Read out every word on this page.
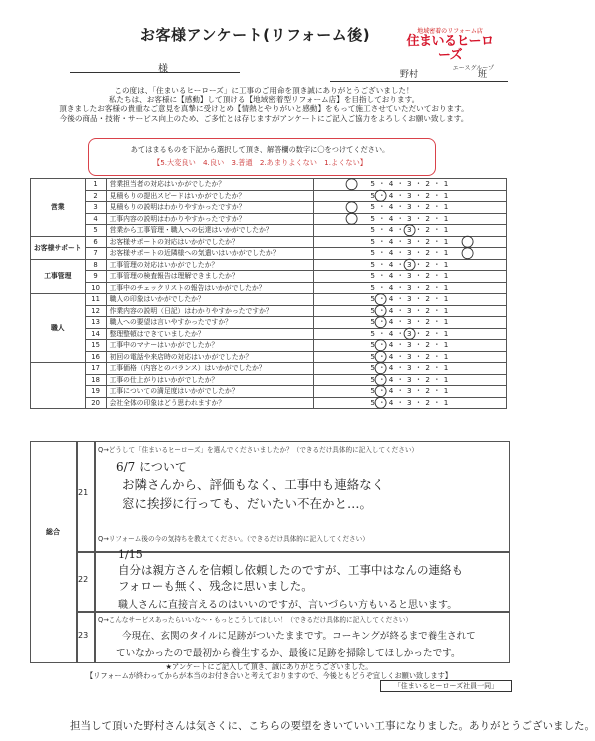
お客様アンケート(リフォーム後)	地域密着のリフォーム店
住まいるヒーローズ
エースグループ
様	野村	班
この度は、「住まいるヒーローズ」に工事のご用命を頂き誠にありがとうございました！
私たちは、お客様に【感動】して頂ける【地域密着型リフォーム店】を目指しております。
頂きましたお客様の貴重なご意見を真摯に受けとめ【情熱とやりがいと感動】をもって施工させていただいております。
今後の商品・技術・サービス向上のため、ご多忙とは存じますがアンケートにご記入ご協力をよろしくお願い致します。
あてはまるものを下記から選択して頂き、解答欄の数字に〇をつけてください。
【5.大変良い　4.良い　3.普通　2.あまりよくない　1.よくない】
営業	1	営業担当者の対応はいかがでしたか？	5 ・ 4 ・ 3 ・ 2 ・ 1
	2	見積もりの提出スピードはいかがでしたか？	5 ・ 4 ・ 3 ・ 2 ・ 1
	3	見積もりの説明はわかりやすかったですか？	5 ・ 4 ・ 3 ・ 2 ・ 1
	4	工事内容の説明はわかりやすかったですか？	5 ・ 4 ・ 3 ・ 2 ・ 1
	5	営業から工事管理・職人への伝達はいかがでしたか？	5 ・ 4 ・ 3 ・ 2 ・ 1
お客様サポート	6	お客様サポートの対応はいかがでしたか？	5 ・ 4 ・ 3 ・ 2 ・ 1
	7	お客様サポートの近隣様への気遣いはいかがでしたか？	5 ・ 4 ・ 3 ・ 2 ・ 1
工事管理	8	工事管理の対応はいかがでしたか？	5 ・ 4 ・ 3 ・ 2 ・ 1
	9	工事管理の検査報告は理解できましたか？	5 ・ 4 ・ 3 ・ 2 ・ 1
	10	工事中のチェックリストの報告はいかがでしたか？	5 ・ 4 ・ 3 ・ 2 ・ 1
職人	11	職人の印象はいかがでしたか？	5 ・ 4 ・ 3 ・ 2 ・ 1
	12	作業内容の説明（日記）はわかりやすかったですか？	5 ・ 4 ・ 3 ・ 2 ・ 1
	13	職人への要望は言いやすかったですか？	5 ・ 4 ・ 3 ・ 2 ・ 1
	14	整理整頓はできていましたか？	5 ・ 4 ・ 3 ・ 2 ・ 1
	15	工事中のマナーはいかがでしたか？	5 ・ 4 ・ 3 ・ 2 ・ 1
	16	初回の電話や来店時の対応はいかがでしたか？	5 ・ 4 ・ 3 ・ 2 ・ 1
	17	工事価格（内容とのバランス）はいかがでしたか？	5 ・ 4 ・ 3 ・ 2 ・ 1
	18	工事の仕上がりはいかがでしたか？	5 ・ 4 ・ 3 ・ 2 ・ 1
	19	工事についての満足度はいかがでしたか？	5 ・ 4 ・ 3 ・ 2 ・ 1
	20	会社全体の印象はどう思われますか？	5 ・ 4 ・ 3 ・ 2 ・ 1
総合
21
Q→どうして「住まいるヒーローズ」を選んでくださいましたか？（できるだけ具体的に記入してください）
6/7 について
お隣さんから、評価もなく、工事中も連絡なく
窓に挨拶に行っても、だいたい不在かと…。
22
Q→リフォーム後の今の気持ちを教えてください。（できるだけ具体的に記入してください）
1/15
自分は親方さんを信頼し依頼したのですが、工事中はなんの連絡も
フォローも無く、残念に思いました。
職人さんに直接言えるのはいいのですが、言いづらい方もいると思います。
23
Q→こんなサービスあったらいいな～・もっとこうしてほしい！（できるだけ具体的に記入してください）
今現在、玄関のタイルに足跡がついたままです。コーキングが終るまで養生されて
ていなかったので最初から養生するか、最後に足跡を掃除してほしかったです。
★アンケートにご記入して頂き、誠にありがとうございました。
【リフォームが終わってからが本当のお付き合いと考えておりますので、今後ともどうぞ宜しくお願い致します】
「住まいるヒーローズ社員一同」
担当して頂いた野村さんは気さくに、こちらの要望をきいていい工事になりました。ありがとうございました。
